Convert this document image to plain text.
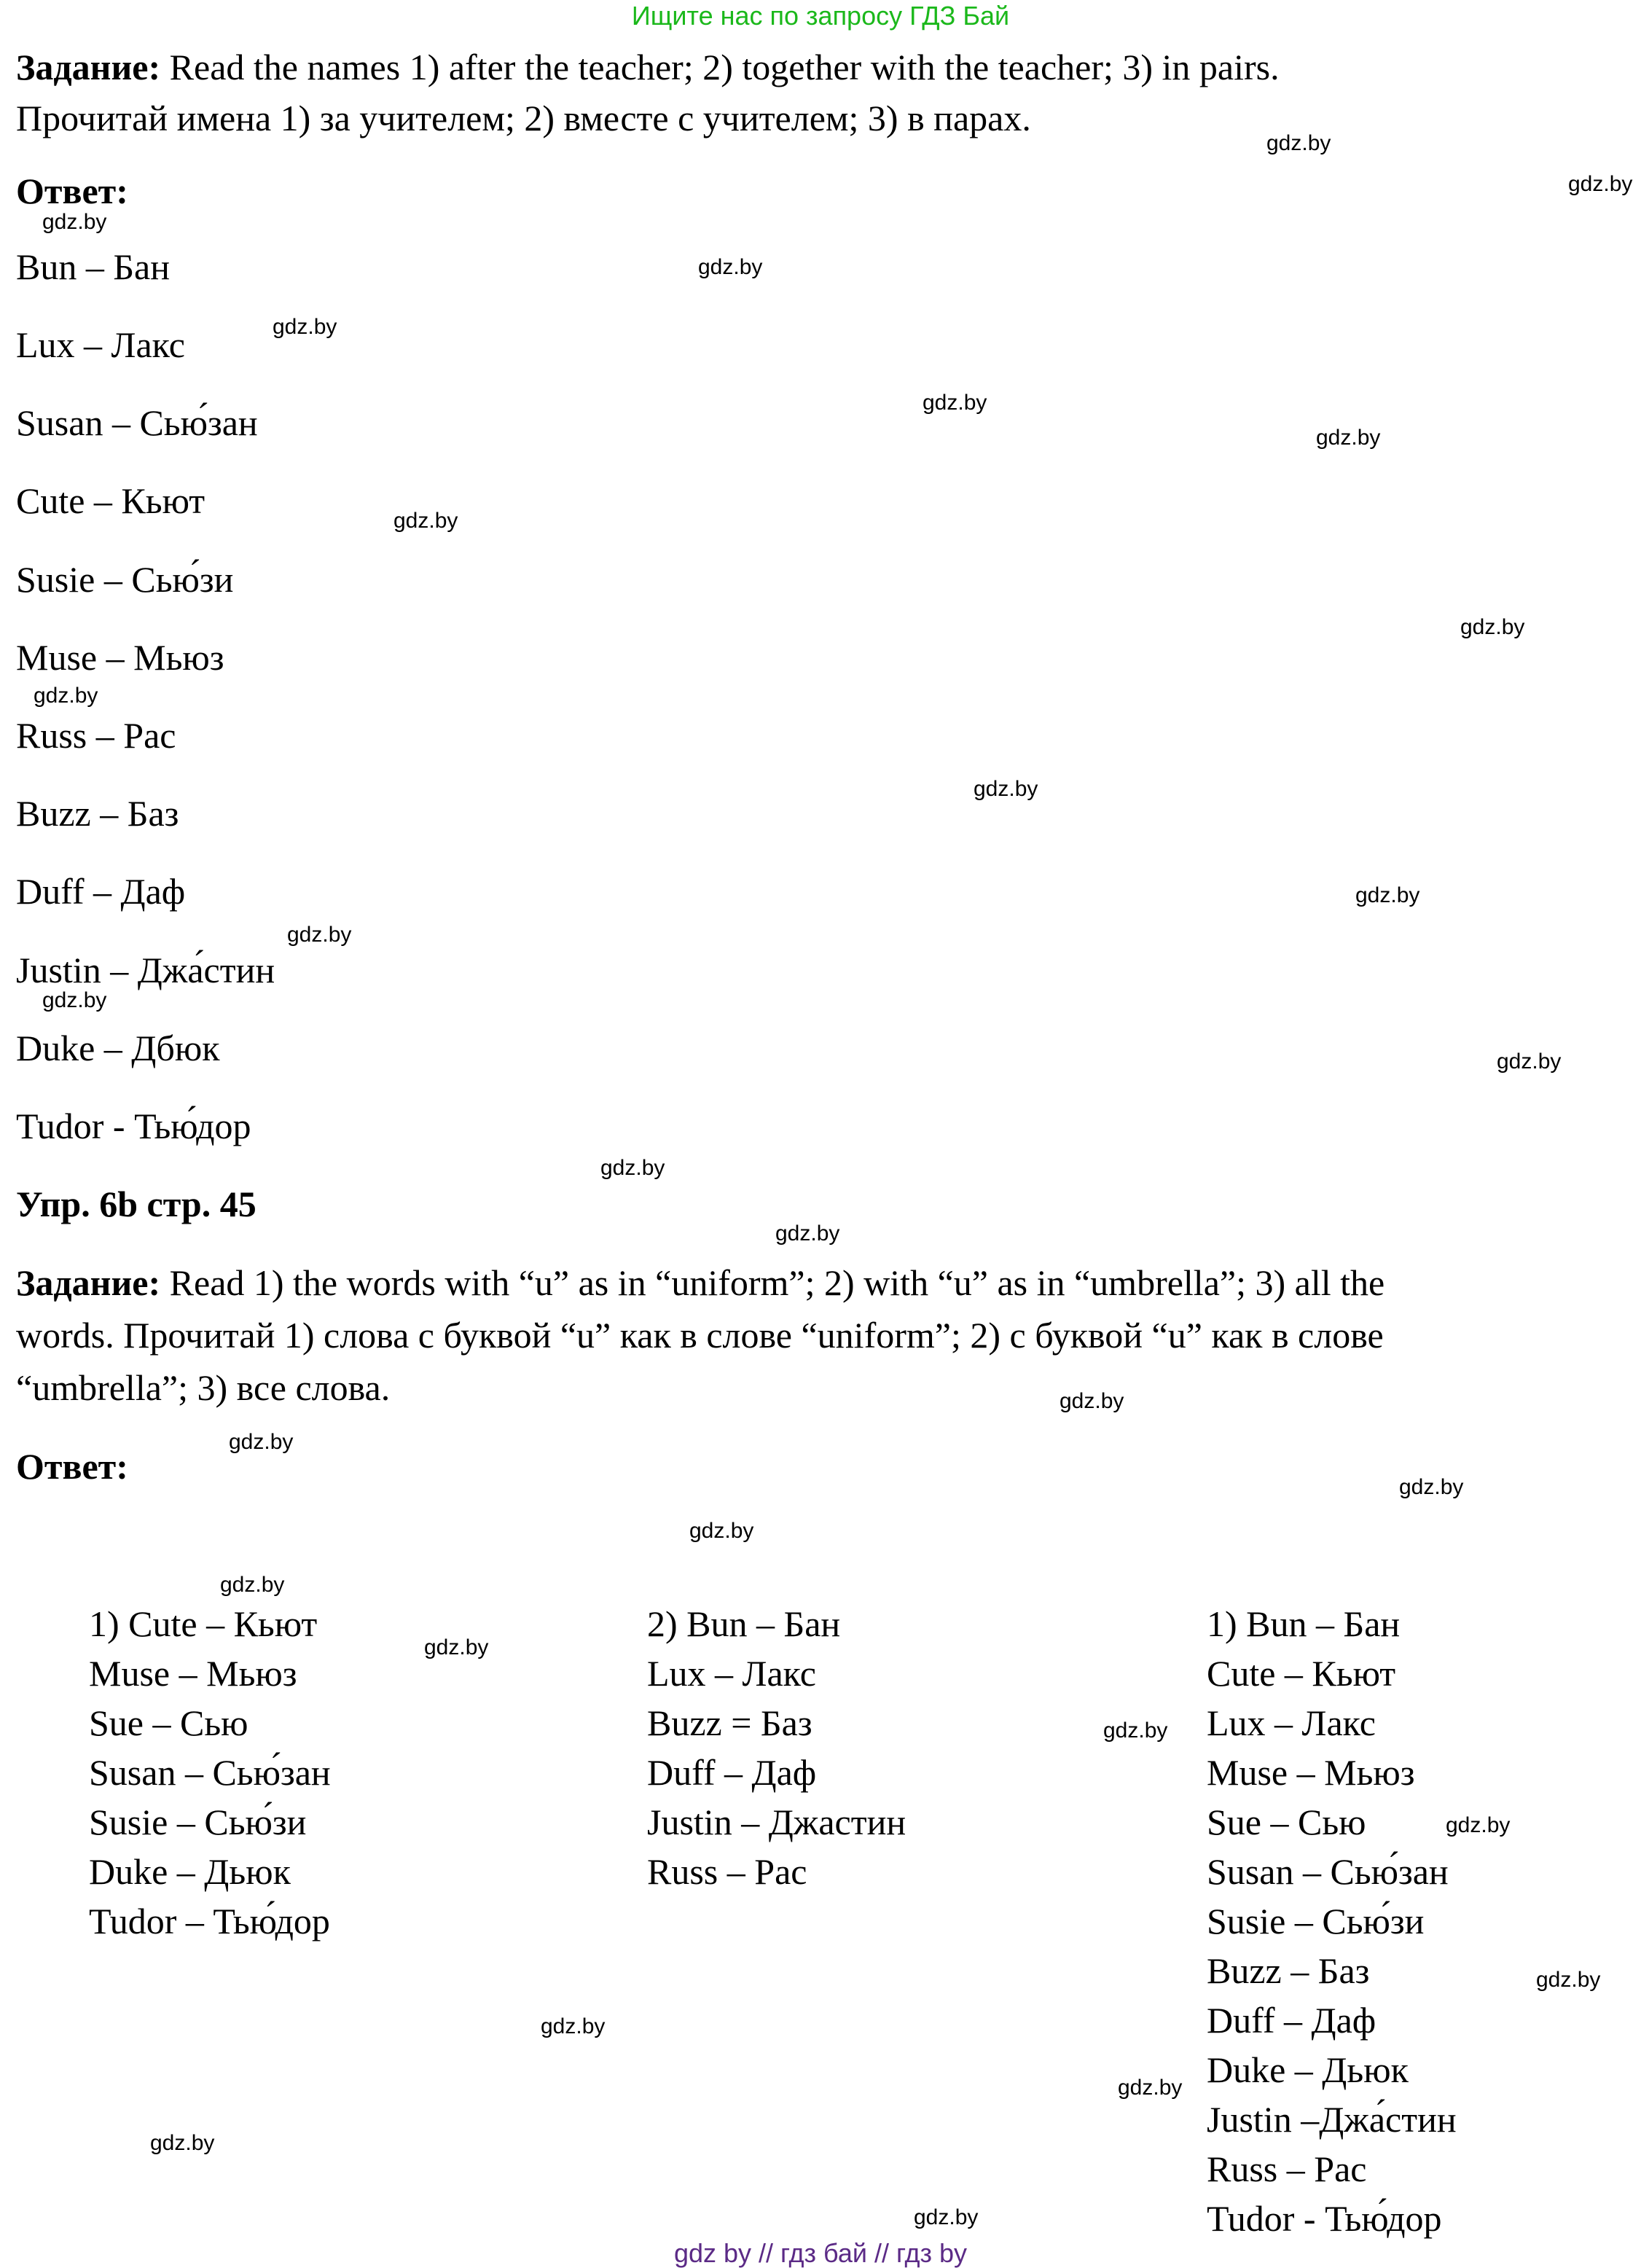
Ищите нас по запросу ГДЗ Бай
Задание: Read the names 1) after the teacher; 2) together with the teacher; 3) in pairs.
Прочитай имена 1) за учителем; 2) вместе с учителем; 3) в парах.
Ответ:
Bun – Бан
Lux – Лакс
Susan – Сью́зан
Cute – Кьют
Susie – Сью́зи
Muse – Мьюз
Russ – Рас
Buzz – Баз
Duff – Даф
Justin – Джа́стин
Duke – Дбюк
Tudor - Тью́дор
Упр. 6b стр. 45
Задание: Read 1) the words with “u” as in “uniform”; 2) with “u” as in “umbrella”; 3) all the
words. Прочитай 1) слова с буквой “u” как в слове “uniform”; 2) с буквой “u” как в слове
“umbrella”; 3) все слова.
Ответ:
1) Cute – Кьют
Muse – Мьюз
Sue – Сью
Susan – Сью́зан
Susie – Сью́зи
Duke – Дьюк
Tudor – Тью́дор
2) Bun – Бан
Lux – Лакс
Buzz = Баз
Duff – Даф
Justin – Джастин
Russ – Рас
1) Bun – Бан
Cute – Кьют
Lux – Лакс
Muse – Мьюз
Sue – Сью
Susan – Сью́зан
Susie – Сью́зи
Buzz – Баз
Duff – Даф
Duke – Дьюк
Justin –Джа́стин
Russ – Рас
Tudor - Тью́дор
gdz.by
gdz.by
gdz.by
gdz.by
gdz.by
gdz.by
gdz.by
gdz.by
gdz.by
gdz.by
gdz.by
gdz.by
gdz.by
gdz.by
gdz.by
gdz.by
gdz.by
gdz.by
gdz.by
gdz.by
gdz.by
gdz.by
gdz.by
gdz.by
gdz.by
gdz.by
gdz.by
gdz.by
gdz.by
gdz.by
gdz by // гдз бай // гдз by
